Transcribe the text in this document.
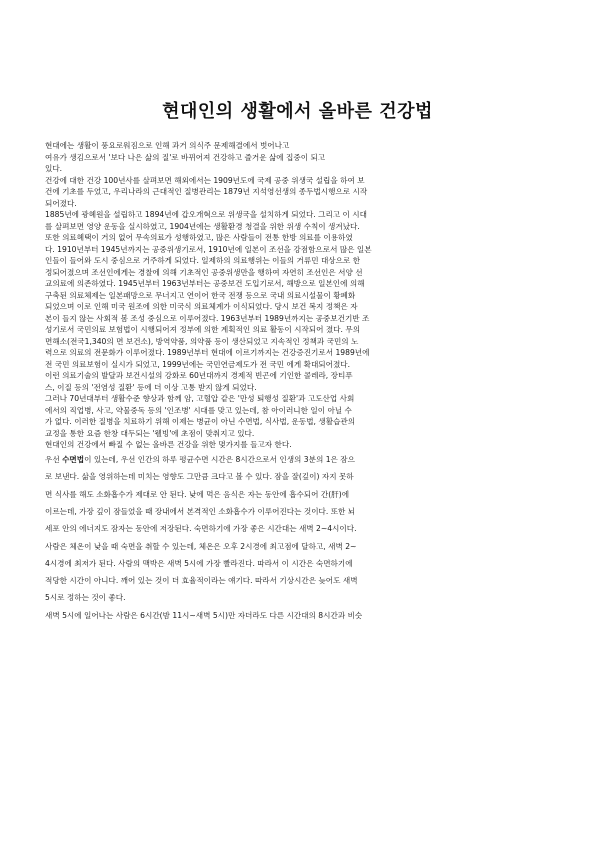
현대인의 생활에서 올바른 건강법
현대에는 생활이 풍요로워짐으로 인해 과거 의식주 문제해결에서 벗어나고
여유가 생김으로서 '보다 나은 삶의 질'로 바뀌어져 건강하고 즐거운 삶에 집중이 되고
있다.
건강에 대한 건강 100년사를 살펴보면 해외에서는 1909년도에 국제 공중 위생국 설립을 하여 보
건에 기초를 두었고, 우리나라의 근대적인 질병관리는 1879년 지석영선생의 종두법시행으로 시작
되어졌다.
1885년에 광혜원을 설립하고 1894년에 갑오개혁으로 위생국을 설치하게 되었다. 그리고 이 시대
를 살펴보면 영양 운동을 실시하였고, 1904년에는 생활환경 청결을 위한 위생 수칙이 생겨났다.
또한 의료혜택이 거의 없어 무속의료가 성행하였고, 많은 사람들이 전통 한방 의료를 이용하였
다. 1910년부터 1945년까지는 공중위생기로서, 1910년에 일본이 조선을 강점함으로서 많은 일본
인들이 들어와 도시 중심으로 거주하게 되었다. 일제하의 의료행위는 이들의 거류민 대상으로 한
정되어졌으며 조선인에게는 경찰에 의해 기초적인 공중위생만을 행하여 자연히 조선인은 서양 선
교의료에 의존하였다. 1945년부터 1963년부터는 공중보건 도입기로서, 해방으로 일본인에 의해
구축된 의료체제는 일본패망으로 무너지고 연이어 한국 전쟁 등으로 국내 의료시설물이 황폐화
되었으며 이로 인해 미국 원조에 의한 미국식 의료체계가 이식되었다. 당시 보건 복지 정책은 자
본이 들지 않는 사회적 봄 조성 중심으로 이루어졌다. 1963년부터 1989년까지는 공중보건기반 조
성기로서 국민의료 보험법이 시행되어져 정부에 의한 계획적인 의료 활동이 시작되어 졌다. 무의
면해소(전국1,340의 면 보건소), 방역약품, 의약품 등이 생산되었고 지속적인 정책과 국민의 노
력으로 의료의 전문화가 이루어졌다. 1989년부터 현대에 이르기까지는 건강증진기로서 1989년에
전 국민 의료보험이 실시가 되었고, 1999년에는 국민연금제도가 전 국민 에게 확대되어졌다.
이런 의료기술의 발달과 보건시설의 강화로 60년대까지 경제적 빈곤에 기인한 콜레라, 장티푸
스, 이질 등의 '전염성 질환' 등에 더 이상 고통 받지 않게 되었다.
그러나 70년대부터 생활수준 향상과 함께 암, 고혈압 같은 '만성 퇴행성 질환'과 고도산업 사회
에서의 직업병, 사고, 약물중독 등의 '인조병' 시대를 맞고 있는데, 참 아이러니한 일이 아닐 수
가 없다. 이러한 질병을 치료하기 위해 이제는 병균이 아닌 수면법, 식사법, 운동법, 생활습관의
교정을 통한 요즘 한창 대두되는 '웰빙'에 초점이 맞춰지고 있다.
현대인의 건강에서 빠질 수 없는 올바른 건강을 위한 몇가지를 들고자 한다.
우선 수면법이 있는데, 우선 인간의 하루 평균수면 시간은 8시간으로서 인생의 3분의 1은 잠으
로 보낸다. 삶을 영위하는데 미치는 영향도 그만큼 크다고 볼 수 있다. 잠을 잘(깊이) 자지 못하
면 식사를 해도 소화흡수가 제대로 안 된다. 낮에 먹은 음식은 자는 동안에 흡수되어 간(肝)에
이르는데, 가장 깊이 잠들었을 때 장내에서 본격적인 소화흡수가 이루어진다는 것이다. 또한 뇌
세포 안의 에너지도 잠자는 동안에 저장된다. 숙면하기에 가장 좋은 시간대는 새벽 2~4시이다.
사람은 체온이 낮을 때 숙면을 취할 수 있는데, 체온은 오후 2시경에 최고점에 달하고, 새벽 2~
4시경에 최저가 된다. 사람의 맥박은 새벽 5시에 가장 빨라진다. 따라서 이 시간은 숙면하기에
적당한 시간이 아니다. 깨어 있는 것이 더 효율적이라는 얘기다. 따라서 기상시간은 늦어도 새벽
5시로 정하는 것이 좋다.
새벽 5시에 일어나는 사람은 6시간(밤 11시~새벽 5시)만 자더라도 다른 시간대의 8시간과 비슷
